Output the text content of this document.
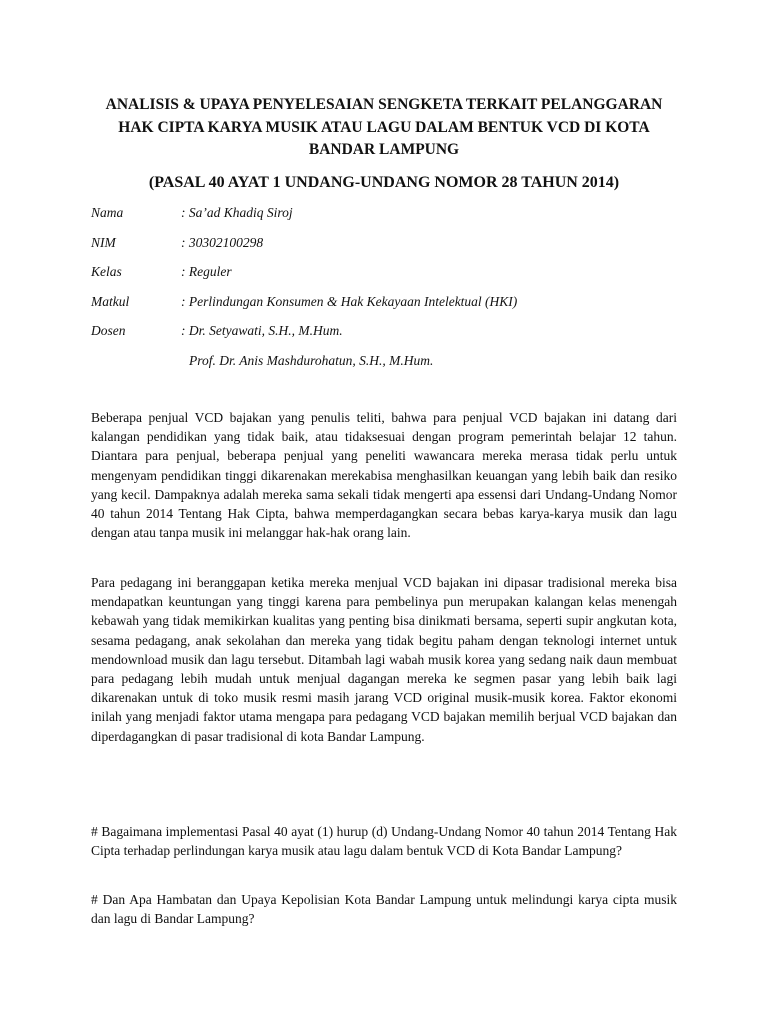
ANALISIS & UPAYA PENYELESAIAN SENGKETA TERKAIT PELANGGARAN HAK CIPTA KARYA MUSIK ATAU LAGU DALAM BENTUK VCD DI KOTA BANDAR LAMPUNG
(PASAL 40 AYAT 1 UNDANG-UNDANG NOMOR 28 TAHUN 2014)
Nama	: Sa’ad Khadiq Siroj
NIM	: 30302100298
Kelas	: Reguler
Matkul	: Perlindungan Konsumen & Hak Kekayaan Intelektual (HKI)
Dosen	: Dr. Setyawati, S.H., M.Hum.
Prof. Dr. Anis Mashdurohatun, S.H., M.Hum.

Beberapa penjual VCD bajakan yang penulis teliti, bahwa para penjual VCD bajakan ini datang dari kalangan pendidikan yang tidak baik, atau tidaksesuai dengan program pemerintah belajar 12 tahun. Diantara para penjual, beberapa penjual yang peneliti wawancara mereka merasa tidak perlu untuk mengenyam pendidikan tinggi dikarenakan merekabisa menghasilkan keuangan yang lebih baik dan resiko yang kecil. Dampaknya adalah mereka sama sekali tidak mengerti apa essensi dari Undang-Undang Nomor 40 tahun 2014 Tentang Hak Cipta, bahwa memperdagangkan secara bebas karya-karya musik dan lagu dengan atau tanpa musik ini melanggar hak-hak orang lain.

Para pedagang ini beranggapan ketika mereka menjual VCD bajakan ini dipasar tradisional mereka bisa mendapatkan keuntungan yang tinggi karena para pembelinya pun merupakan kalangan kelas menengah kebawah yang tidak memikirkan kualitas yang penting bisa dinikmati bersama, seperti supir angkutan kota, sesama pedagang, anak sekolahan dan mereka yang tidak begitu paham dengan teknologi internet untuk mendownload musik dan lagu tersebut. Ditambah lagi wabah musik korea yang sedang naik daun membuat para pedagang lebih mudah untuk menjual dagangan mereka ke segmen pasar yang lebih baik lagi dikarenakan untuk di toko musik resmi masih jarang VCD original musik-musik korea. Faktor ekonomi inilah yang menjadi faktor utama mengapa para pedagang VCD bajakan memilih berjual VCD bajakan dan diperdagangkan di pasar tradisional di kota Bandar Lampung.

# Bagaimana implementasi Pasal 40 ayat (1) hurup (d) Undang-Undang Nomor 40 tahun 2014 Tentang Hak Cipta terhadap perlindungan karya musik atau lagu dalam bentuk VCD di Kota Bandar Lampung?

# Dan Apa Hambatan dan Upaya Kepolisian Kota Bandar Lampung untuk melindungi karya cipta musik dan lagu di Bandar Lampung?
